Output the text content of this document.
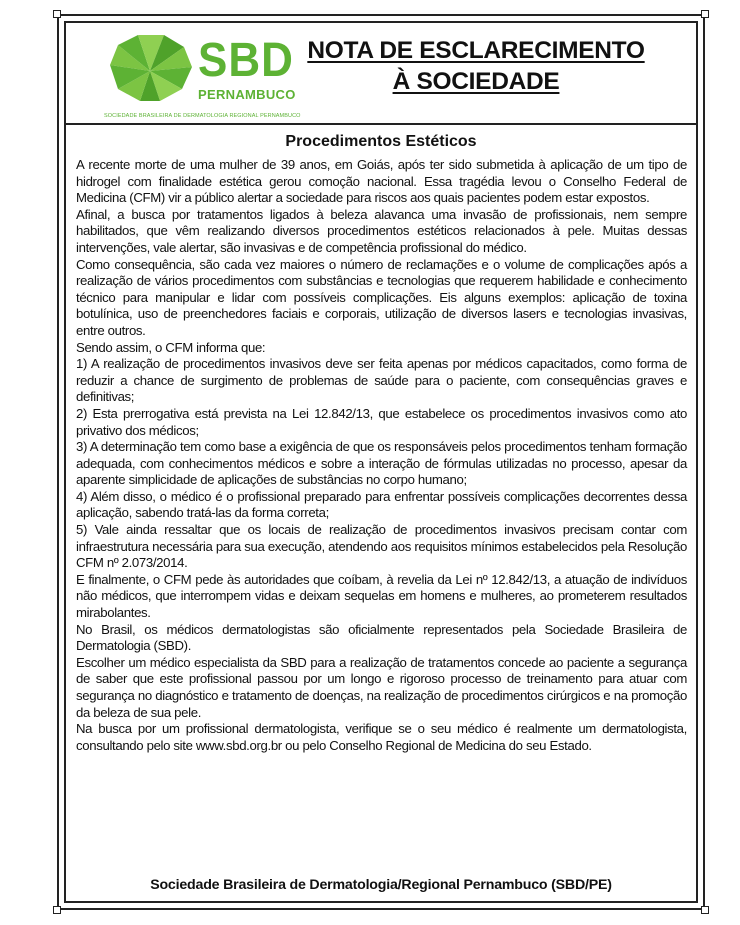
SBD
PERNAMBUCO
SOCIEDADE BRASILEIRA DE DERMATOLOGIA REGIONAL PERNAMBUCO
NOTA DE ESCLARECIMENTO
À SOCIEDADE
Procedimentos Estéticos

A recente morte de uma mulher de 39 anos, em Goiás, após ter sido submetida à aplicação de um tipo de hidrogel com finalidade estética gerou comoção nacional. Essa tragédia levou o Conselho Federal de Medicina (CFM) vir a público alertar a sociedade para riscos aos quais pacientes podem estar expostos.

Afinal, a busca por tratamentos ligados à beleza alavanca uma invasão de profissionais, nem sempre habilitados, que vêm realizando diversos procedimentos estéticos relacionados à pele. Muitas dessas intervenções, vale alertar, são invasivas e de competência profissional do médico.

Como consequência, são cada vez maiores o número de reclamações e o volume de complicações após a realização de vários procedimentos com substâncias e tecnologias que requerem habilidade e conhecimento técnico para manipular e lidar com possíveis complicações. Eis alguns exemplos: aplicação de toxina botulínica, uso de preenchedores faciais e corporais, utilização de diversos lasers e tecnologias invasivas, entre outros.

Sendo assim, o CFM informa que:

1) A realização de procedimentos invasivos deve ser feita apenas por médicos capacitados, como forma de reduzir a chance de surgimento de problemas de saúde para o paciente, com consequências graves e definitivas;

2) Esta prerrogativa está prevista na Lei 12.842/13, que estabelece os procedimentos invasivos como ato privativo dos médicos;

3) A determinação tem como base a exigência de que os responsáveis pelos procedimentos tenham formação adequada, com conhecimentos médicos e sobre a interação de fórmulas utilizadas no processo, apesar da aparente simplicidade de aplicações de substâncias no corpo humano;

4) Além disso, o médico é o profissional preparado para enfrentar possíveis complicações decorrentes dessa aplicação, sabendo tratá-las da forma correta;

5) Vale ainda ressaltar que os locais de realização de procedimentos invasivos precisam contar com infraestrutura necessária para sua execução, atendendo aos requisitos mínimos estabelecidos pela Resolução CFM nº 2.073/2014.

E finalmente, o CFM pede às autoridades que coíbam, à revelia da Lei nº 12.842/13, a atuação de indivíduos não médicos, que interrompem vidas e deixam sequelas em homens e mulheres, ao prometerem resultados mirabolantes.

No Brasil, os médicos dermatologistas são oficialmente representados pela Sociedade Brasileira de Dermatologia (SBD).

Escolher um médico especialista da SBD para a realização de tratamentos concede ao paciente a segurança de saber que este profissional passou por um longo e rigoroso processo de treinamento para atuar com segurança no diagnóstico e tratamento de doenças, na realização de procedimentos cirúrgicos e na promoção da beleza de sua pele.

Na busca por um profissional dermatologista, verifique se o seu médico é realmente um dermatologista, consultando pelo site www.sbd.org.br ou pelo Conselho Regional de Medicina do seu Estado.

Sociedade Brasileira de Dermatologia/Regional Pernambuco (SBD/PE)
